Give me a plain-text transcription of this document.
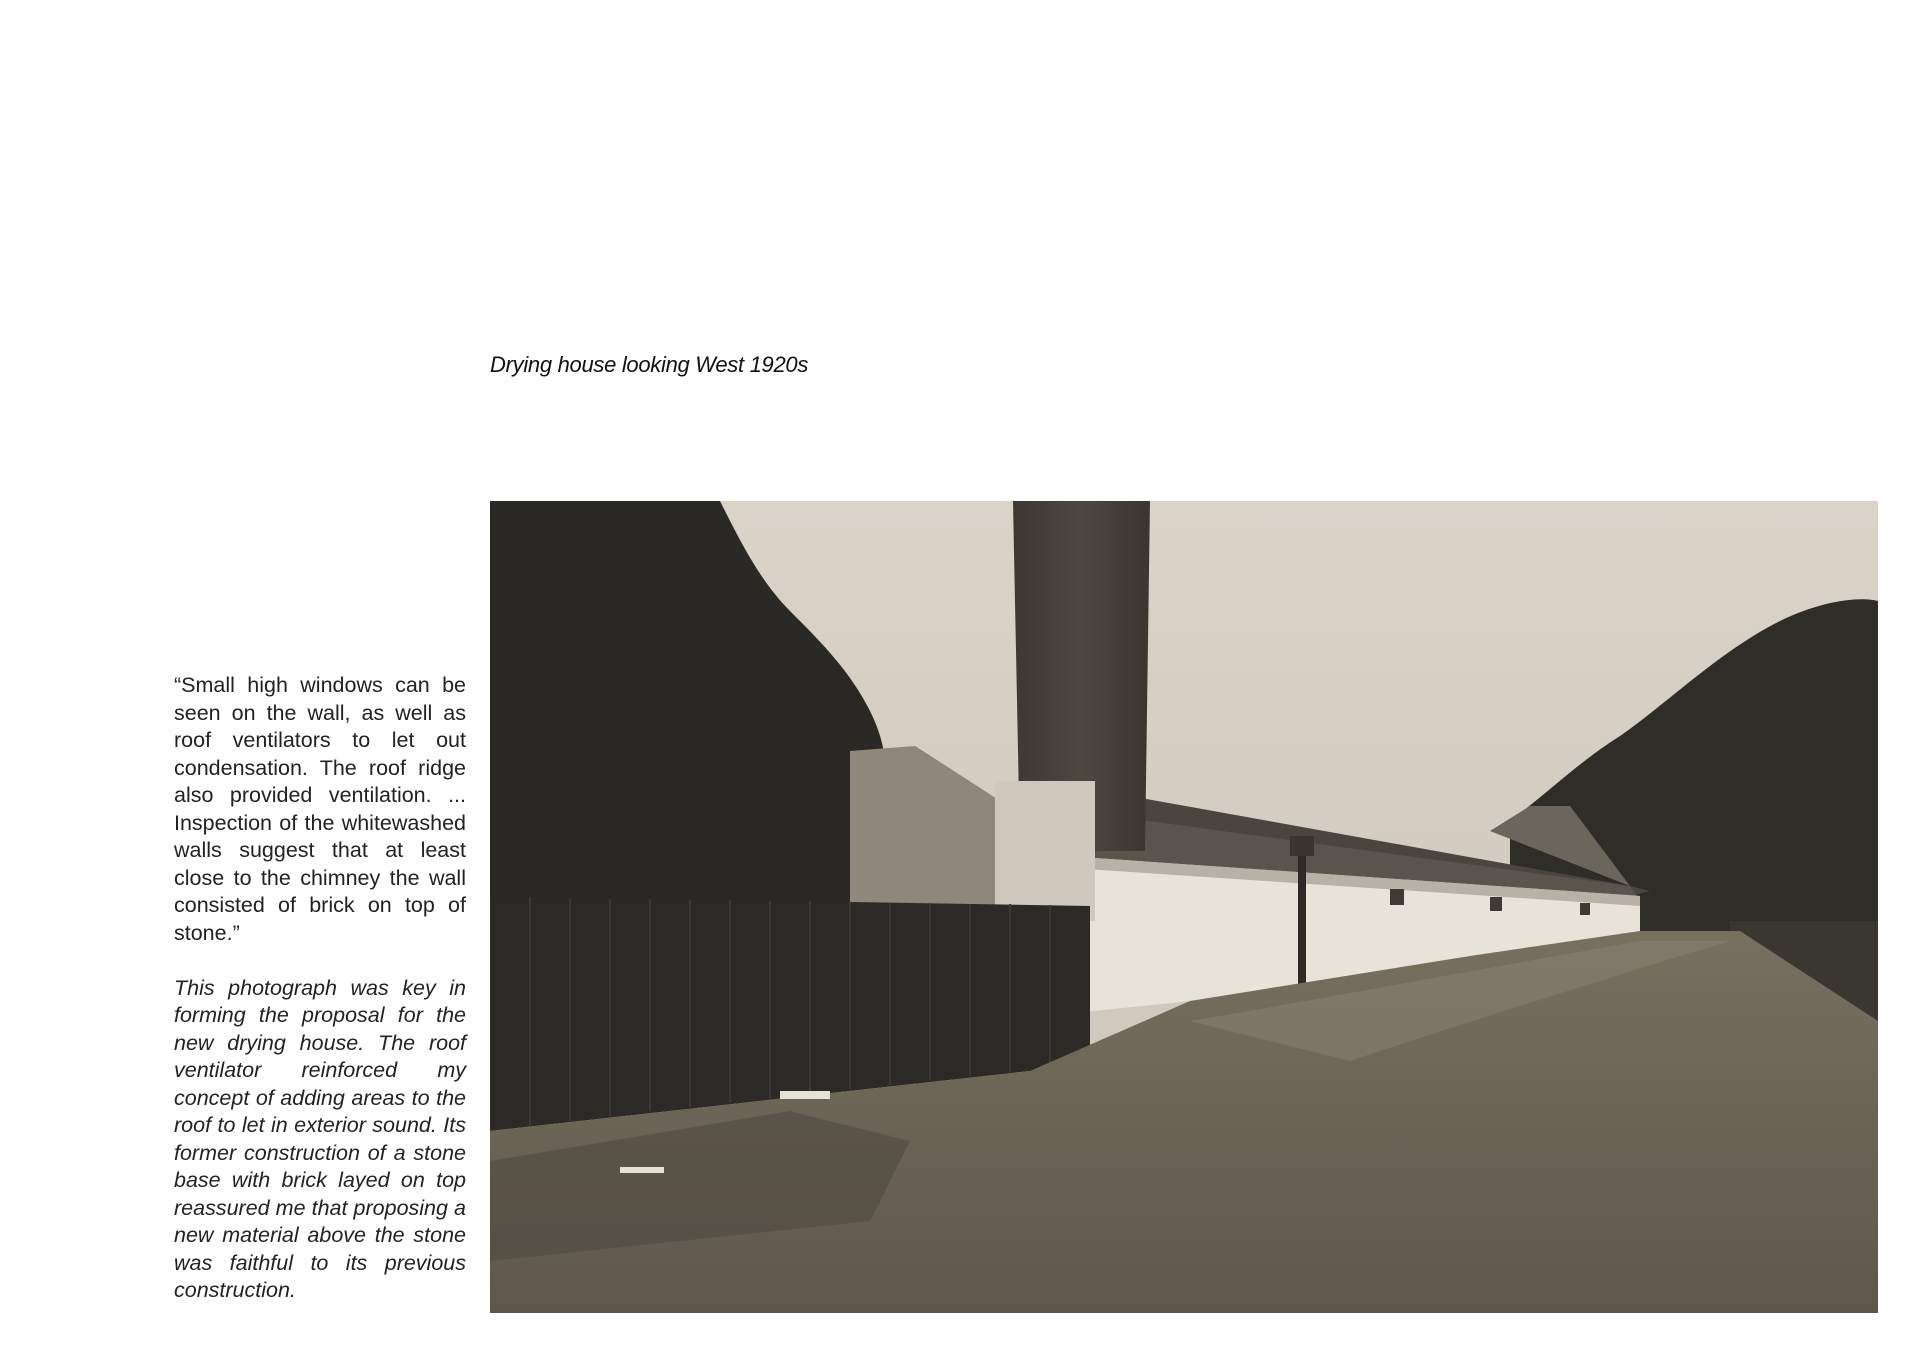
Drying house looking West 1920s

“Small high windows can be seen on the wall, as well as roof ventilators to let out condensation. The roof ridge also provided ventilation. ... Inspection of the whitewashed walls suggest that at least close to the chimney the wall consisted of brick on top of stone.”

This photograph was key in forming the proposal for the new drying house. The roof ventilator reinforced my concept of adding areas to the roof to let in exterior sound. Its former construction of a stone base with brick layed on top reassured me that proposing a new material above the stone was faithful to its previous construction.
